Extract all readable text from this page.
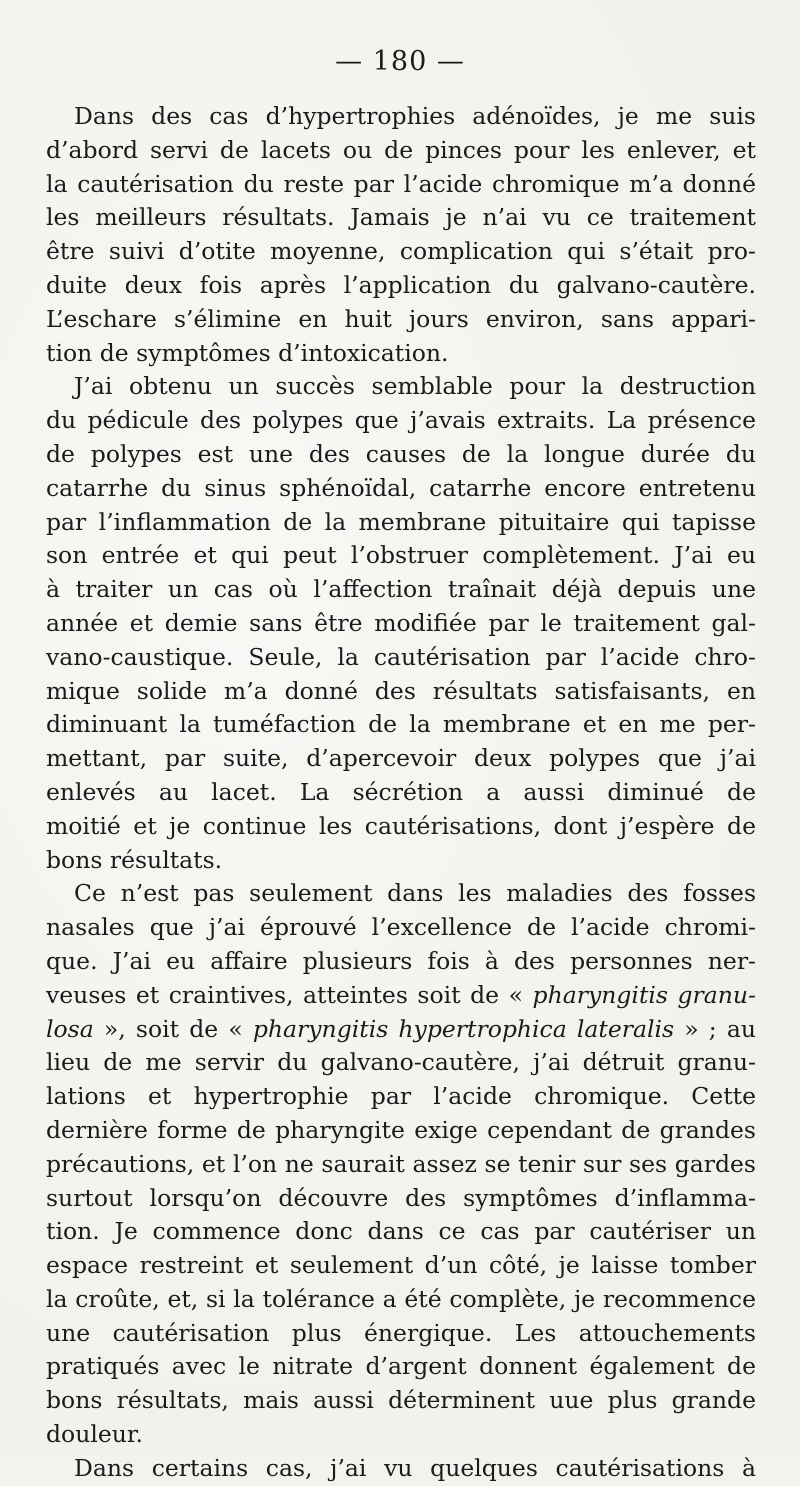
— 180 —
Dans des cas d’hypertrophies adénoïdes, je me suis
d’abord servi de lacets ou de pinces pour les enlever, et
la cautérisation du reste par l’acide chromique m’a donné
les meilleurs résultats. Jamais je n’ai vu ce traitement
être suivi d’otite moyenne, complication qui s’était pro-
duite deux fois après l’application du galvano-cautère.
L’eschare s’élimine en huit jours environ, sans appari-
tion de symptômes d’intoxication.
J’ai obtenu un succès semblable pour la destruction
du pédicule des polypes que j’avais extraits. La présence
de polypes est une des causes de la longue durée du
catarrhe du sinus sphénoïdal, catarrhe encore entretenu
par l’inflammation de la membrane pituitaire qui tapisse
son entrée et qui peut l’obstruer complètement. J’ai eu
à traiter un cas où l’affection traînait déjà depuis une
année et demie sans être modifiée par le traitement gal-
vano-caustique. Seule, la cautérisation par l’acide chro-
mique solide m’a donné des résultats satisfaisants, en
diminuant la tuméfaction de la membrane et en me per-
mettant, par suite, d’apercevoir deux polypes que j’ai
enlevés au lacet. La sécrétion a aussi diminué de
moitié et je continue les cautérisations, dont j’espère de
bons résultats.
Ce n’est pas seulement dans les maladies des fosses
nasales que j’ai éprouvé l’excellence de l’acide chromi-
que. J’ai eu affaire plusieurs fois à des personnes ner-
veuses et craintives, atteintes soit de « pharyngitis granu-
losa », soit de « pharyngitis hypertrophica lateralis » ; au
lieu de me servir du galvano-cautère, j’ai détruit granu-
lations et hypertrophie par l’acide chromique. Cette
dernière forme de pharyngite exige cependant de grandes
précautions, et l’on ne saurait assez se tenir sur ses gardes
surtout lorsqu’on découvre des symptômes d’inflamma-
tion. Je commence donc dans ce cas par cautériser un
espace restreint et seulement d’un côté, je laisse tomber
la croûte, et, si la tolérance a été complète, je recommence
une cautérisation plus énergique. Les attouchements
pratiqués avec le nitrate d’argent donnent également de
bons résultats, mais aussi déterminent uue plus grande
douleur.
Dans certains cas, j’ai vu quelques cautérisations à
